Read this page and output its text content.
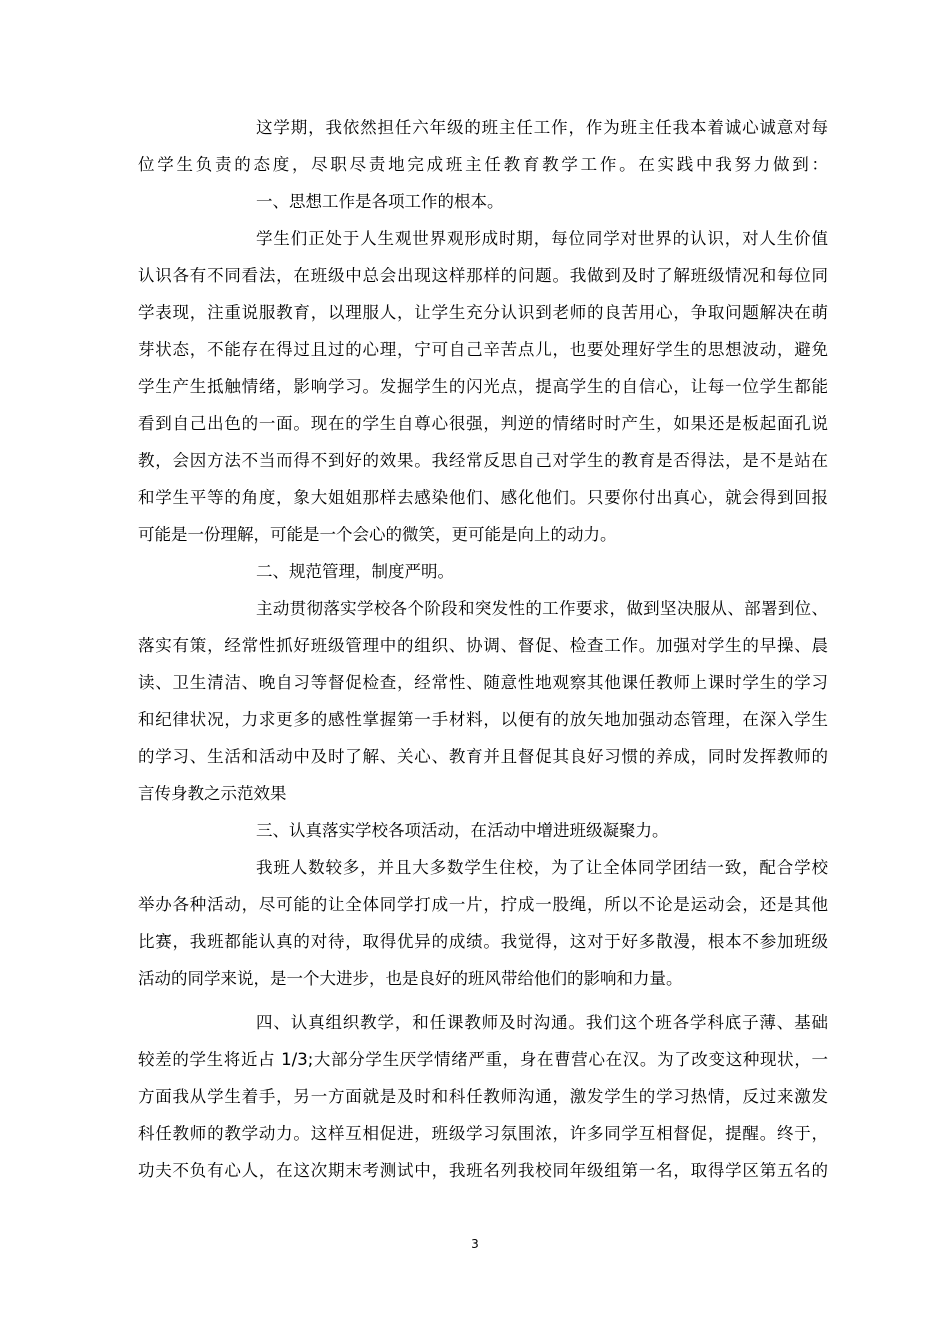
这学期，我依然担任六年级的班主任工作，作为班主任我本着诚心诚意对每
位学生负责的态度，尽职尽责地完成班主任教育教学工作。在实践中我努力做到：
一、思想工作是各项工作的根本。
学生们正处于人生观世界观形成时期，每位同学对世界的认识，对人生价值
认识各有不同看法，在班级中总会出现这样那样的问题。我做到及时了解班级情况和每位同
学表现，注重说服教育，以理服人，让学生充分认识到老师的良苦用心，争取问题解决在萌
芽状态，不能存在得过且过的心理，宁可自己辛苦点儿，也要处理好学生的思想波动，避免
学生产生抵触情绪，影响学习。发掘学生的闪光点，提高学生的自信心，让每一位学生都能
看到自己出色的一面。现在的学生自尊心很强，判逆的情绪时时产生，如果还是板起面孔说
教，会因方法不当而得不到好的效果。我经常反思自己对学生的教育是否得法，是不是站在
和学生平等的角度，象大姐姐那样去感染他们、感化他们。只要你付出真心，就会得到回报
可能是一份理解，可能是一个会心的微笑，更可能是向上的动力。
二、规范管理，制度严明。
主动贯彻落实学校各个阶段和突发性的工作要求，做到坚决服从、部署到位、
落实有策，经常性抓好班级管理中的组织、协调、督促、检查工作。加强对学生的早操、晨
读、卫生清洁、晚自习等督促检查，经常性、随意性地观察其他课任教师上课时学生的学习
和纪律状况，力求更多的感性掌握第一手材料，以便有的放矢地加强动态管理，在深入学生
的学习、生活和活动中及时了解、关心、教育并且督促其良好习惯的养成，同时发挥教师的
言传身教之示范效果
三、认真落实学校各项活动，在活动中增进班级凝聚力。
我班人数较多，并且大多数学生住校，为了让全体同学团结一致，配合学校
举办各种活动，尽可能的让全体同学打成一片，拧成一股绳，所以不论是运动会，还是其他
比赛，我班都能认真的对待，取得优异的成绩。我觉得，这对于好多散漫，根本不参加班级
活动的同学来说，是一个大进步，也是良好的班风带给他们的影响和力量。
四、认真组织教学，和任课教师及时沟通。我们这个班各学科底子薄、基础
较差的学生将近占 1/3;大部分学生厌学情绪严重，身在曹营心在汉。为了改变这种现状，一
方面我从学生着手，另一方面就是及时和科任教师沟通，激发学生的学习热情，反过来激发
科任教师的教学动力。这样互相促进，班级学习氛围浓，许多同学互相督促，提醒。终于，
功夫不负有心人，在这次期末考测试中，我班名列我校同年级组第一名，取得学区第五名的
3
